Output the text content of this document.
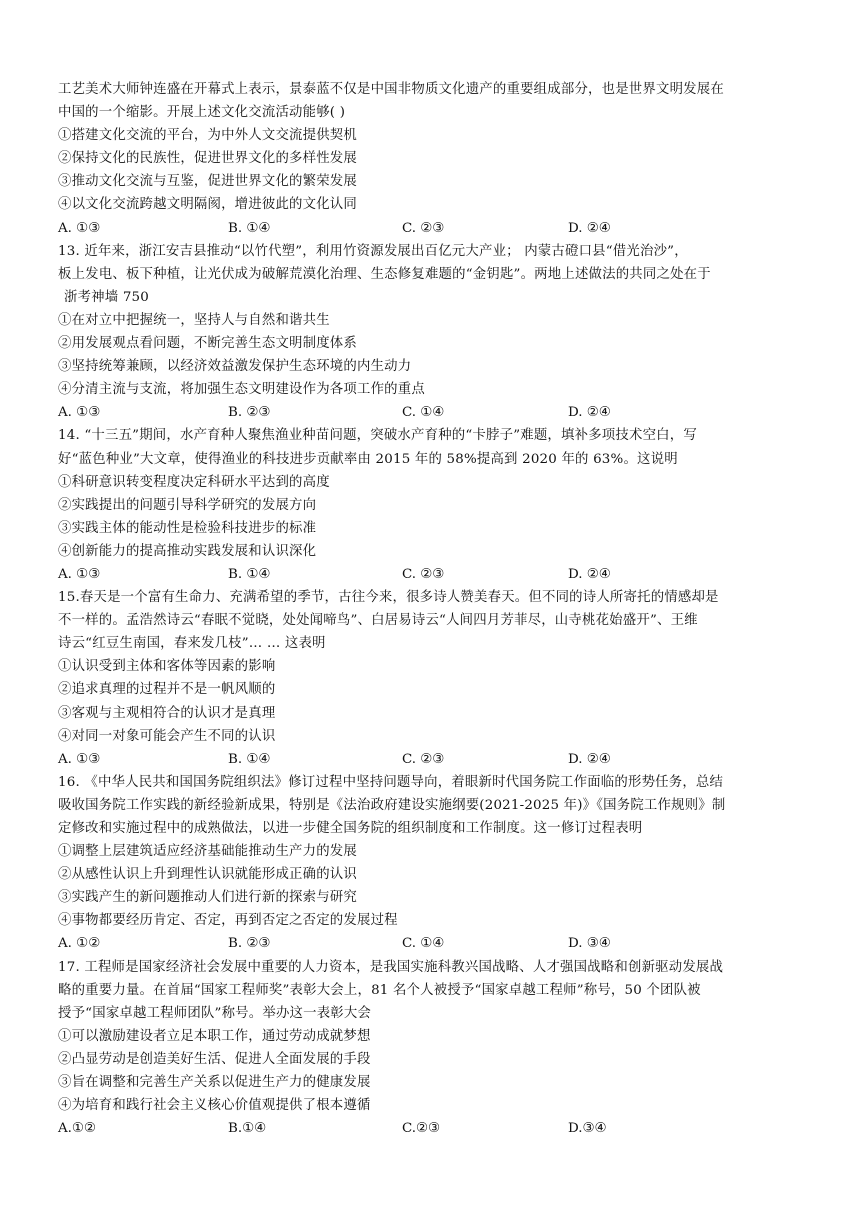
工艺美术大师钟连盛在开幕式上表示，景泰蓝不仅是中国非物质文化遗产的重要组成部分，也是世界文明发展在
中国的一个缩影。开展上述文化交流活动能够( )
①搭建文化交流的平台，为中外人文交流提供契机
②保持文化的民族性，促进世界文化的多样性发展
③推动文化交流与互鉴，促进世界文化的繁荣发展
④以文化交流跨越文明隔阂，增进彼此的文化认同
A. ①③	B. ①④	C. ②③	D. ②④
13. 近年来，浙江安吉县推动“以竹代塑”，利用竹资源发展出百亿元大产业； 内蒙古磴口县“借光治沙”，
板上发电、板下种植，让光伏成为破解荒漠化治理、生态修复难题的“金钥匙”。两地上述做法的共同之处在于
浙考神墙 750
①在对立中把握统一，坚持人与自然和谐共生
②用发展观点看问题，不断完善生态文明制度体系
③坚持统筹兼顾，以经济效益激发保护生态环境的内生动力
④分清主流与支流，将加强生态文明建设作为各项工作的重点
A. ①③	B. ②③	C. ①④	D. ②④
14. “十三五”期间，水产育种人聚焦渔业种苗问题，突破水产育种的“卡脖子”难题，填补多项技术空白，写
好“蓝色种业”大文章，使得渔业的科技进步贡献率由 2015 年的 58%提高到 2020 年的 63%。这说明
①科研意识转变程度决定科研水平达到的高度
②实践提出的问题引导科学研究的发展方向
③实践主体的能动性是检验科技进步的标准
④创新能力的提高推动实践发展和认识深化
A. ①③	B. ①④	C. ②③	D. ②④
15.春天是一个富有生命力、充满希望的季节，古往今来，很多诗人赞美春天。但不同的诗人所寄托的情感却是
不一样的。孟浩然诗云“春眠不觉晓，处处闻啼鸟”、白居易诗云“人间四月芳菲尽，山寺桃花始盛开”、王维
诗云“红豆生南国，春来发几枝”… … 这表明
①认识受到主体和客体等因素的影响
②追求真理的过程并不是一帆风顺的
③客观与主观相符合的认识才是真理
④对同一对象可能会产生不同的认识
A. ①③	B. ①④	C. ②③	D. ②④
16. 《中华人民共和国国务院组织法》修订过程中坚持问题导向，着眼新时代国务院工作面临的形势任务，总结
吸收国务院工作实践的新经验新成果，特别是《法治政府建设实施纲要(2021-2025 年)》《国务院工作规则》制
定修改和实施过程中的成熟做法，以进一步健全国务院的组织制度和工作制度。这一修订过程表明
①调整上层建筑适应经济基础能推动生产力的发展
②从感性认识上升到理性认识就能形成正确的认识
③实践产生的新问题推动人们进行新的探索与研究
④事物都要经历肯定、否定，再到否定之否定的发展过程
A. ①②	B. ②③	C. ①④	D. ③④
17. 工程师是国家经济社会发展中重要的人力资本，是我国实施科教兴国战略、人才强国战略和创新驱动发展战
略的重要力量。在首届“国家工程师奖”表彰大会上，81 名个人被授予“国家卓越工程师”称号，50 个团队被
授予“国家卓越工程师团队”称号。举办这一表彰大会
①可以激励建设者立足本职工作，通过劳动成就梦想
②凸显劳动是创造美好生活、促进人全面发展的手段
③旨在调整和完善生产关系以促进生产力的健康发展
④为培育和践行社会主义核心价值观提供了根本遵循
A.①②	B.①④	C.②③	D.③④
